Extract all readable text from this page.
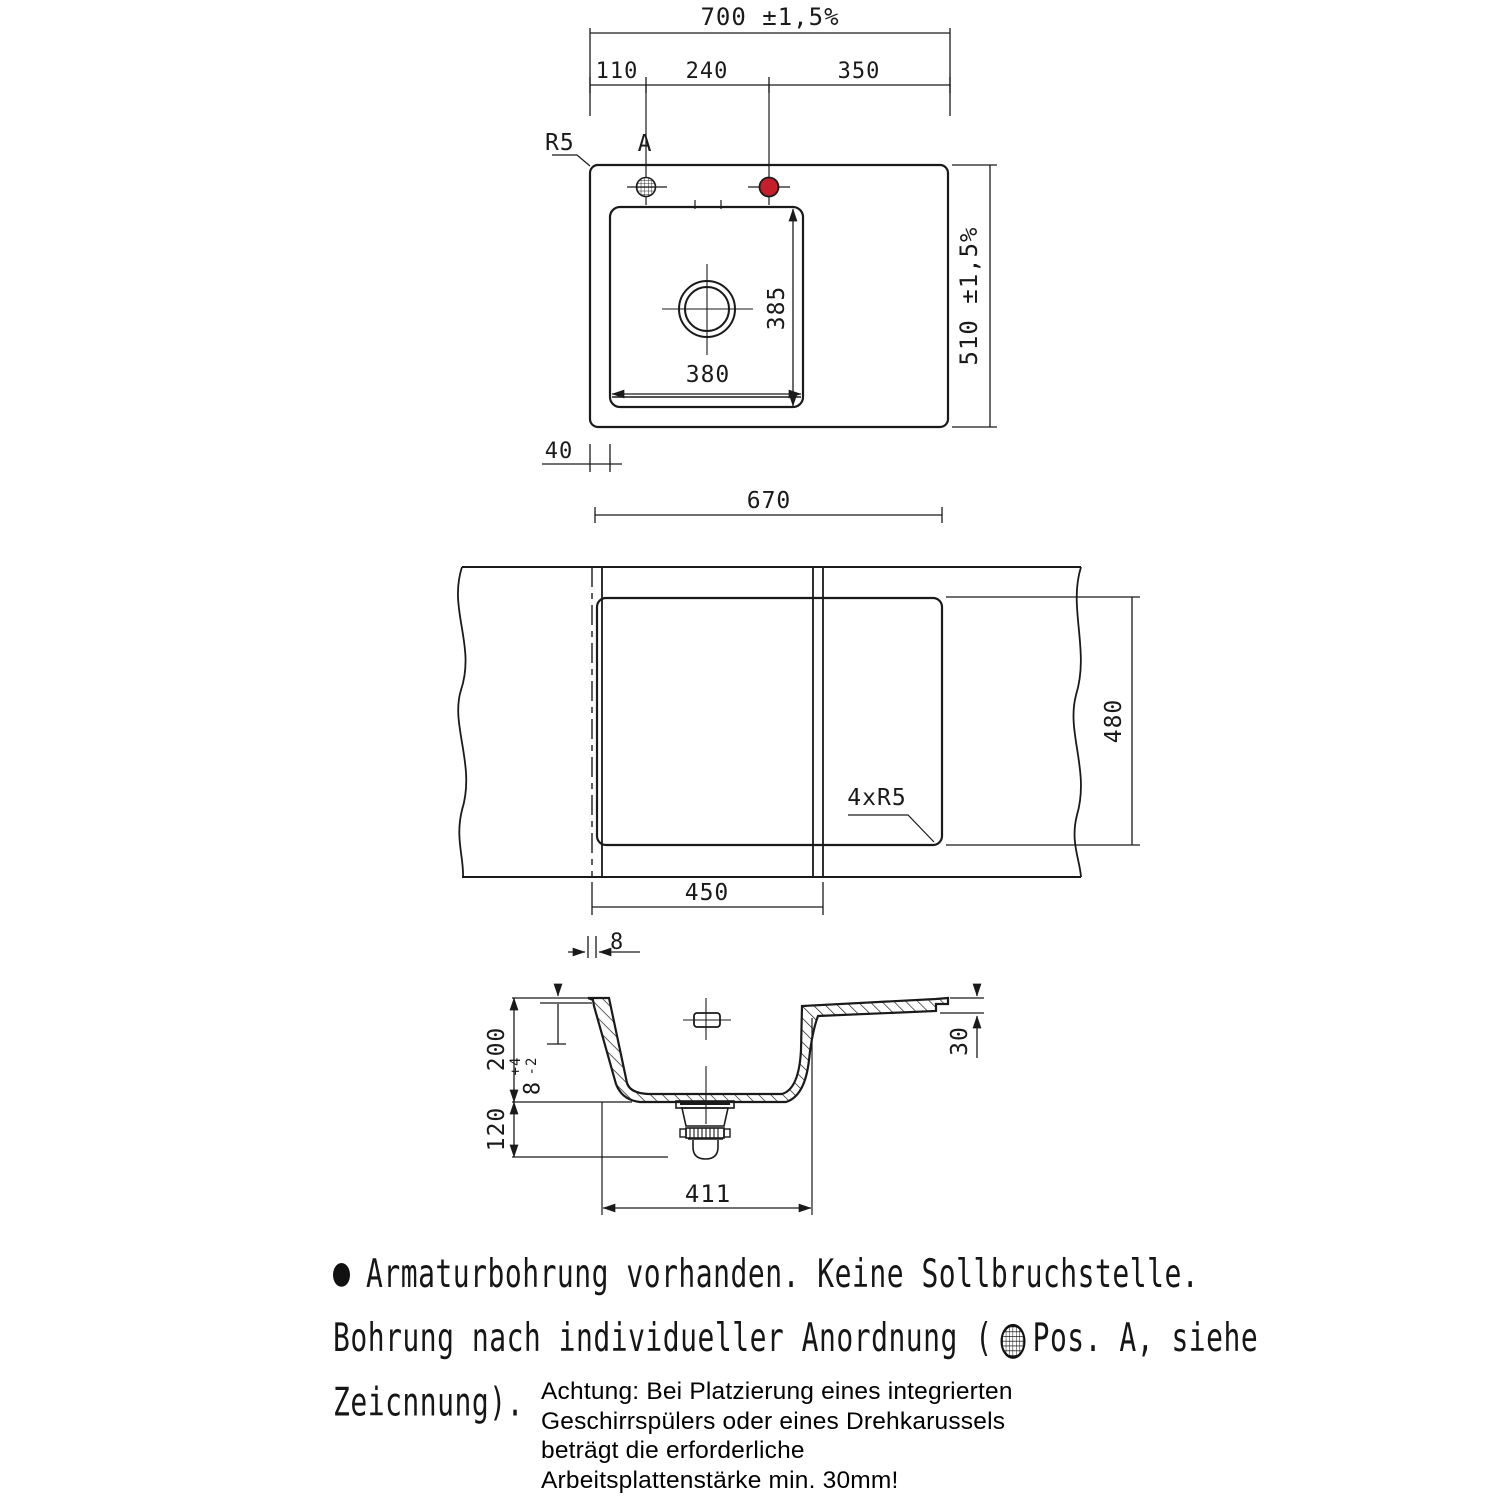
700 ±1,5%
110 240	350
R5	A
385
380
510 ±1,5%
40
670
480
4xR5
450
8
200
120
8
+4 -2
30
411
Armaturbohrung vorhanden. Keine Sollbruchstelle.
Bohrung nach individueller Anordnung ( Pos. A, siehe
Zeicnnung). Achtung: Bei Platzierung eines integrierten
Geschirrspülers oder eines Drehkarussels
beträgt die erforderliche
Arbeitsplattenstärke min. 30mm!
